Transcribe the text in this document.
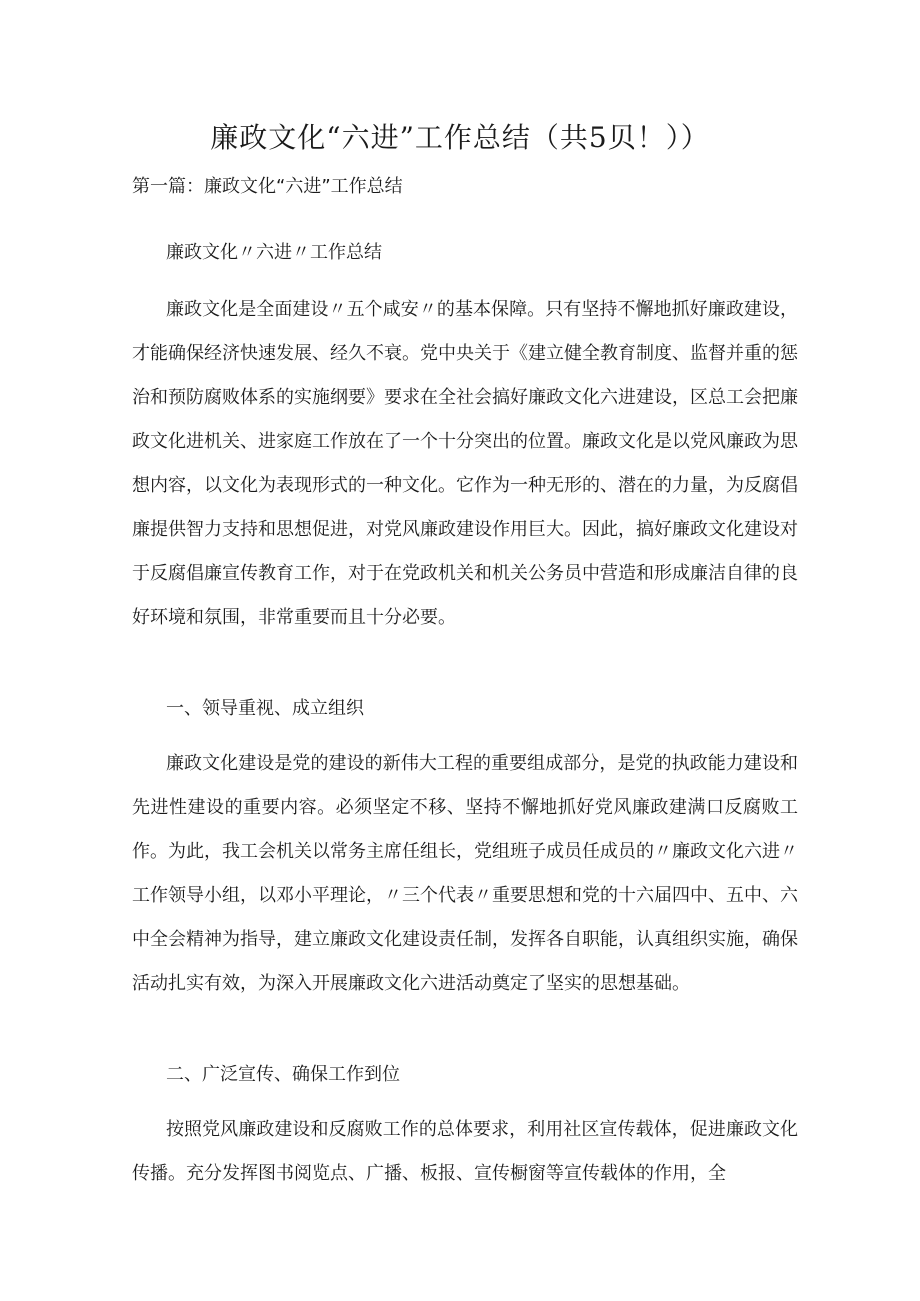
廉政文化“六进”工作总结（共5贝！））
第一篇：廉政文化“六进”工作总结
廉政文化〃六进〃工作总结

廉政文化是全面建设〃五个咸安〃的基本保障。只有坚持不懈地抓好廉政建设，才能确保经济快速发展、经久不衰。党中央关于《建立健全教育制度、监督并重的惩治和预防腐败体系的实施纲要》要求在全社会搞好廉政文化六进建设，区总工会把廉政文化进机关、进家庭工作放在了一个十分突出的位置。廉政文化是以党风廉政为思想内容，以文化为表现形式的一种文化。它作为一种无形的、潜在的力量，为反腐倡廉提供智力支持和思想促进，对党风廉政建设作用巨大。因此，搞好廉政文化建设对于反腐倡廉宣传教育工作，对于在党政机关和机关公务员中营造和形成廉洁自律的良好环境和氛围，非常重要而且十分必要。

一、领导重视、成立组织

廉政文化建设是党的建设的新伟大工程的重要组成部分，是党的执政能力建设和先进性建设的重要内容。必须坚定不移、坚持不懈地抓好党风廉政建满口反腐败工作。为此，我工会机关以常务主席任组长，党组班子成员任成员的〃廉政文化六进〃工作领导小组，以邓小平理论，〃三个代表〃重要思想和党的十六届四中、五中、六中全会精神为指导，建立廉政文化建设责任制，发挥各自职能，认真组织实施，确保活动扎实有效，为深入开展廉政文化六进活动奠定了坚实的思想基础。

二、广泛宣传、确保工作到位

按照党风廉政建设和反腐败工作的总体要求，利用社区宣传载体，促进廉政文化传播。充分发挥图书阅览点、广播、板报、宣传橱窗等宣传载体的作用，全
